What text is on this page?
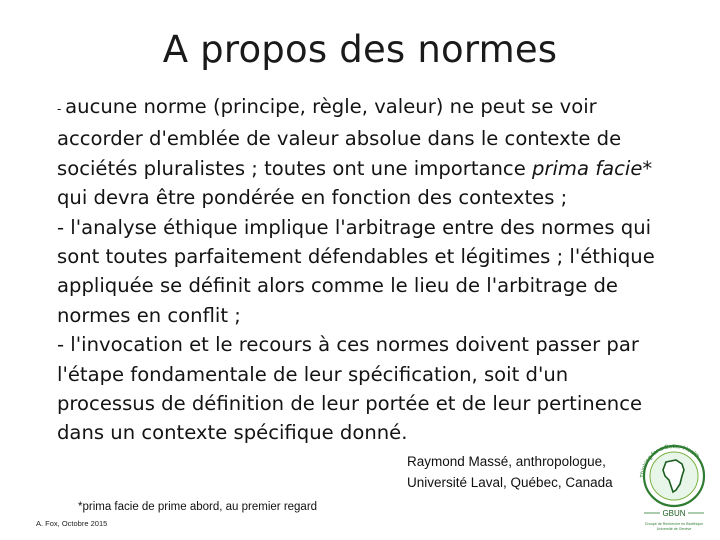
A propos des normes
- aucune norme (principe, règle, valeur) ne peut se voir
accorder d'emblée de valeur absolue dans le contexte de
sociétés pluralistes ; toutes ont une importance prima facie*
qui devra être pondérée en fonction des contextes ;
- l'analyse éthique implique l'arbitrage entre des normes qui
sont toutes parfaitement défendables et légitimes ; l'éthique
appliquée se définit alors comme le lieu de l'arbitrage de
normes en conflit ;
- l'invocation et le recours à ces normes doivent passer par
l'étape fondamentale de leur spécification, soit d'un
processus de définition de leur portée et de leur pertinence
dans un contexte spécifique donné.
Raymond Massé, anthropologue,
Université Laval, Québec, Canada
*prima facie de prime abord, au premier regard
A. Fox, Octobre 2015
Thinking for a Better Health
GBUN
Groupe de Recherche en Bioéthique
Université de Genève
